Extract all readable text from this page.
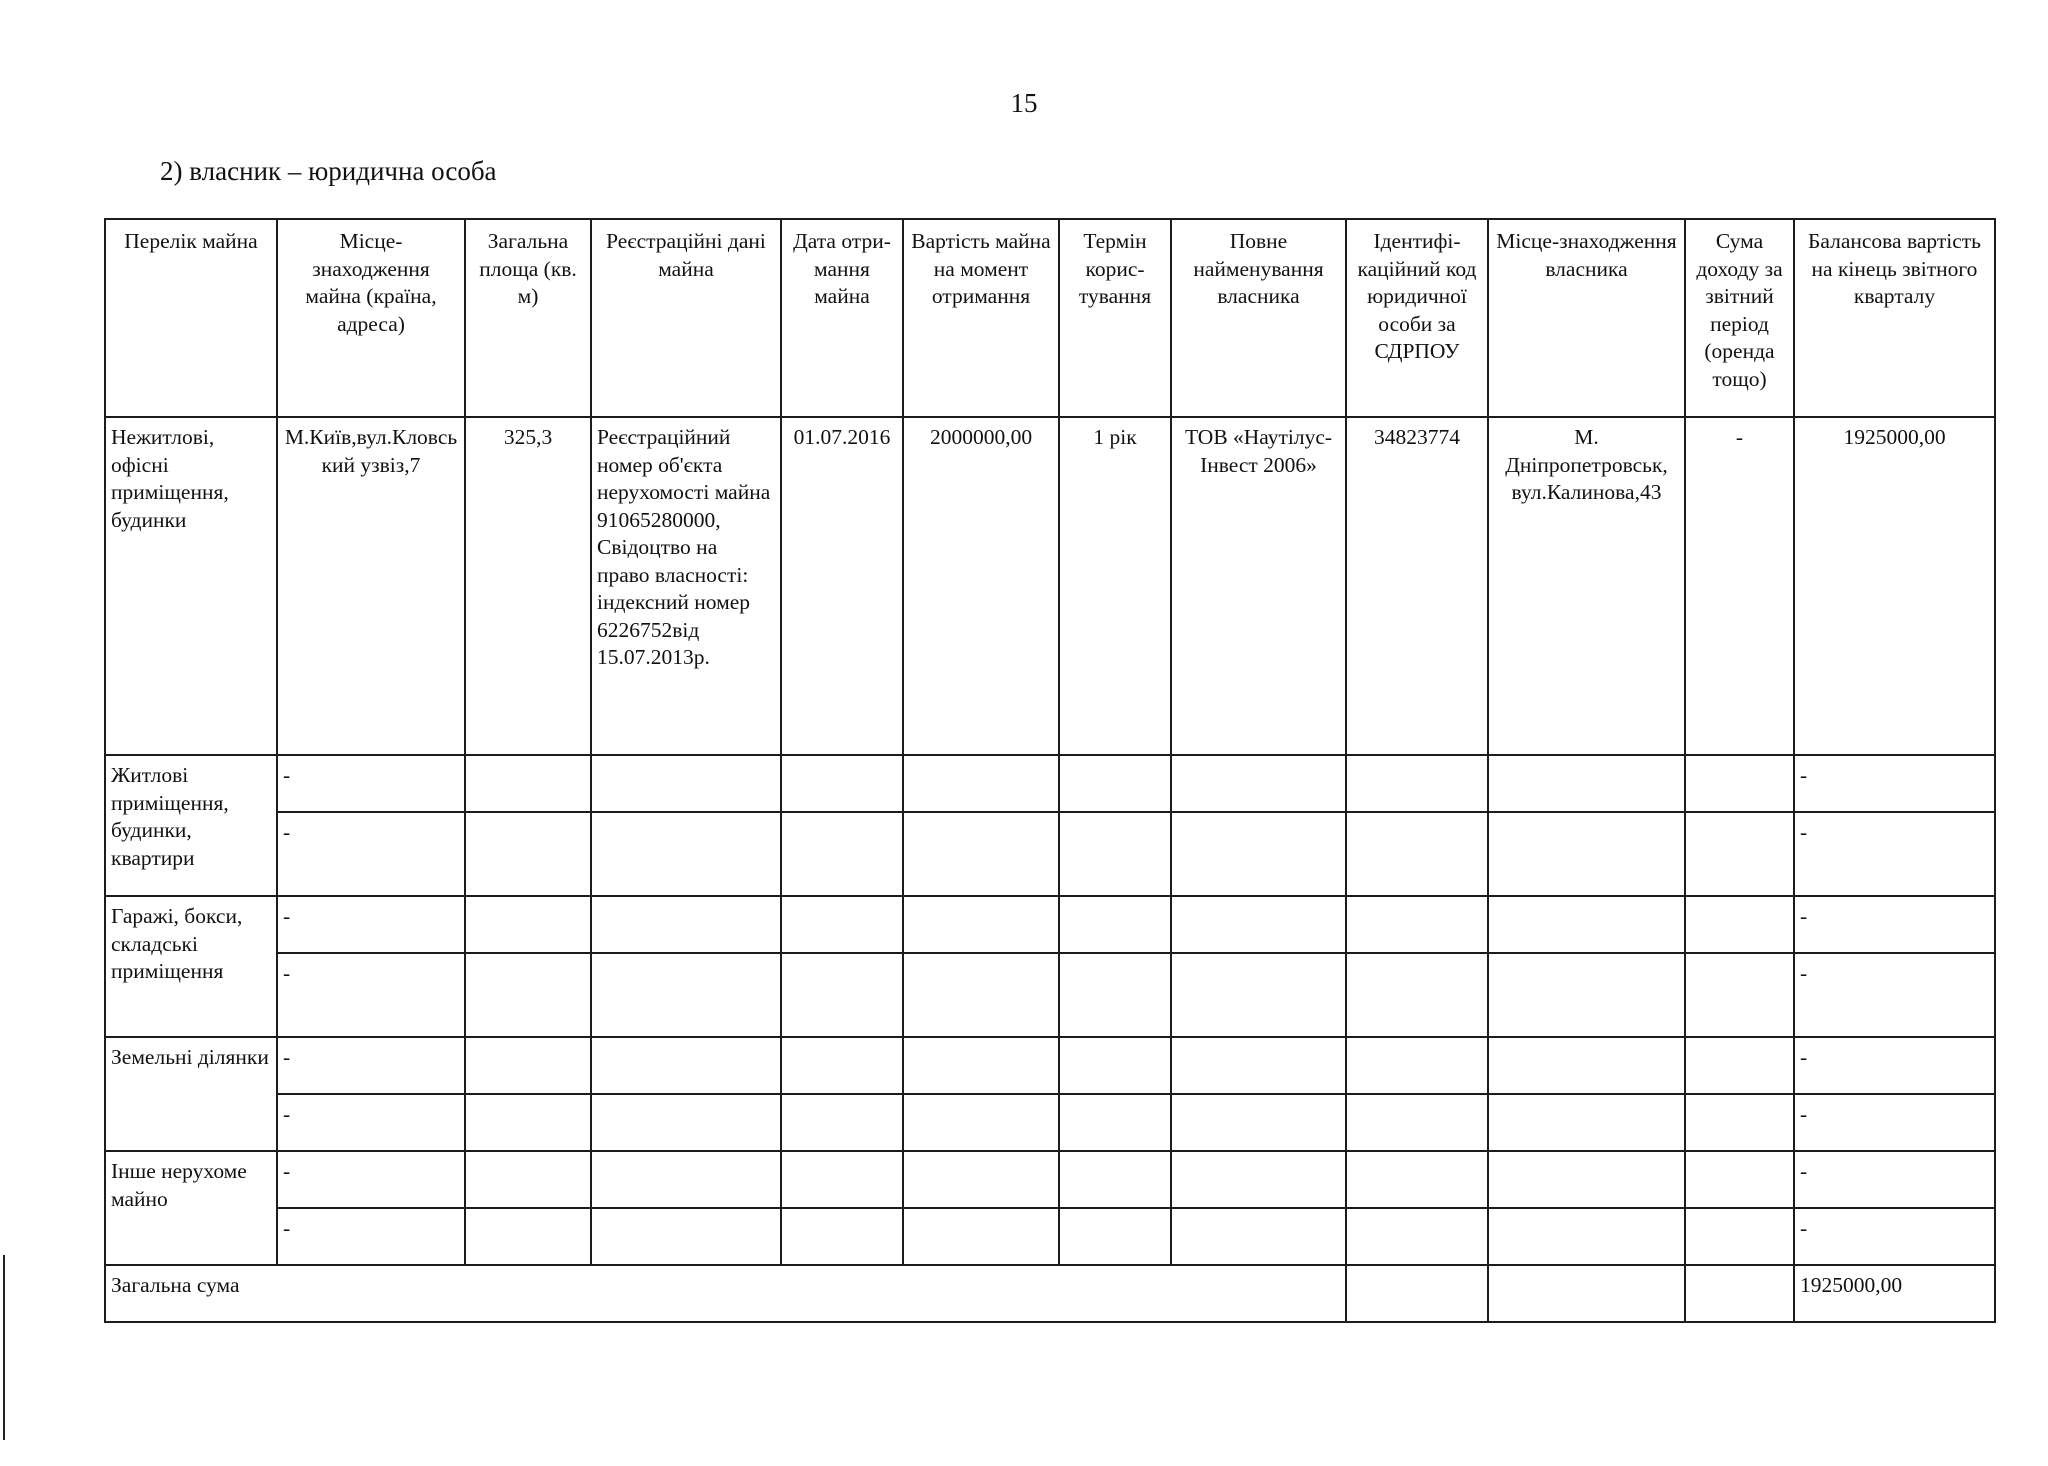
15
2) власник – юридична особа
Перелік майна	Місце-знаходження майна (країна, адреса)	Загальна площа (кв. м)	Реєстраційні дані майна	Дата отри-мання майна	Вартість майна на момент отримання	Термін корис-тування	Повне найменування власника	Ідентифі-каційний код юридичної особи за СДРПОУ	Місце-знаходження власника	Сума доходу за звітний період (оренда тощо)	Балансова вартість на кінець звітного кварталу
Нежитлові, офісні приміщення, будинки	М.Київ,вул.Кловський узвіз,7	325,3	Реєстраційний номер об'єкта нерухомості майна 91065280000, Свідоцтво на право власності: індексний номер 6226752від 15.07.2013р.	01.07.2016	2000000,00	1 рік	ТОВ «Наутілус-Інвест 2006»	34823774	М. Дніпропетровськ, вул.Калинова,43	-	1925000,00
Житлові приміщення, будинки, квартири	-										-
	-										-
Гаражі, бокси, складські приміщення	-										-
	-										-
Земельні ділянки	-										-
	-										-
Інше нерухоме майно	-										-
	-										-
Загальна сума											1925000,00
